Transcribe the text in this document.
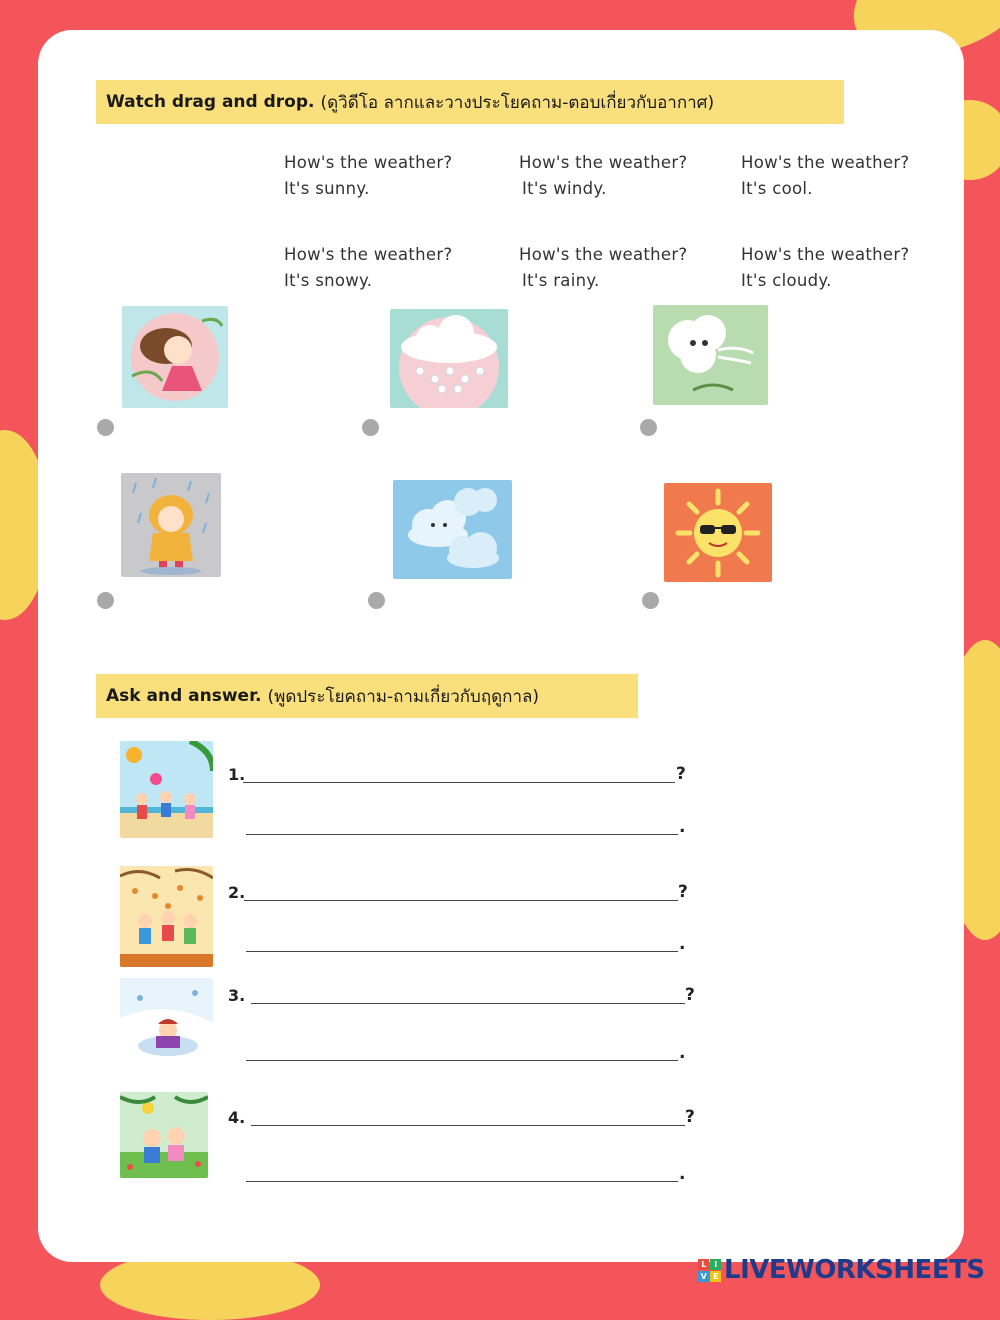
Watch drag and drop. (ดูวิดีโอ ลากและวางประโยคถาม-ตอบเกี่ยวกับอากาศ)
How's the weather?
It's sunny.
How's the weather?
It's windy.
How's the weather?
It's cool.
How's the weather?
It's snowy.
How's the weather?
It's rainy.
How's the weather?
It's cloudy.
Ask and answer. (พูดประโยคถาม-ถามเกี่ยวกับฤดูกาล)
1.	?
.
2.	?
.
3.	?
.
4.	?
.
L	I
V E LIVEWORKSHEETS
